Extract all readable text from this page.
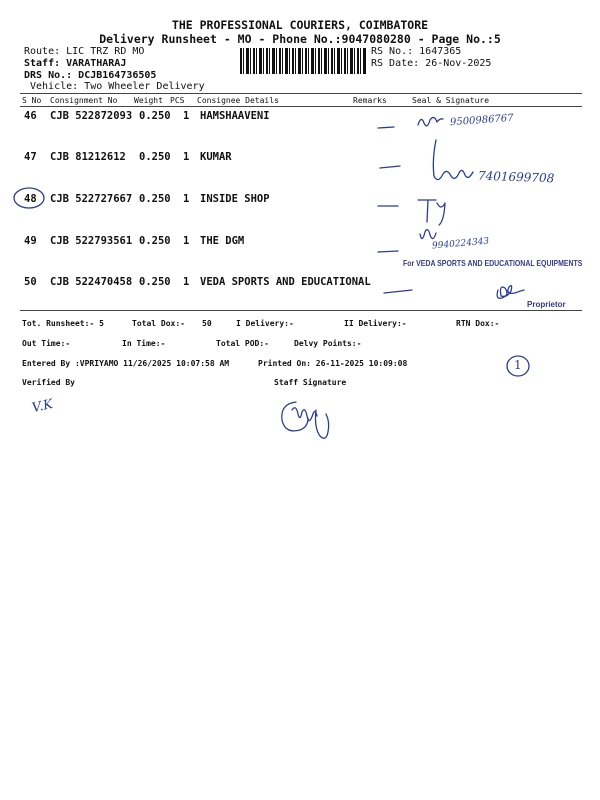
THE PROFESSIONAL COURIERS, COIMBATORE
Delivery Runsheet - MO - Phone No.:9047080280 - Page No.:5
Route: LIC TRZ RD MO
Staff: VARATHARAJ
DRS No.: DCJB164736505
Vehicle: Two Wheeler Delivery
RS No.: 1647365
RS Date: 26-Nov-2025
S No Consignment No Weight PCS Consignee Details	Remarks	Seal & Signature
46 CJB 522872093 0.250 1 HAMSHAAVENI
47 CJB 81212612 0.250 1 KUMAR
48 CJB 522727667 0.250 1 INSIDE SHOP
49 CJB 522793561 0.250 1 THE DGM
50 CJB 522470458 0.250 1 VEDA SPORTS AND EDUCATIONAL
9500986767
7401699708
9940224343
For VEDA SPORTS AND EDUCATIONAL EQUIPMENTS
Proprietor
Tot. Runsheet:- 5	Total Dox:- 50	I Delivery:-	II Delivery:-	RTN Dox:-
Out Time:-	In Time:-	Total POD:-	Delvy Points:-
Entered By :VPRIYAMO 11/26/2025 10:07:58 AM	Printed On: 26-11-2025 10:09:08	1
Verified By	Staff Signature
V.K
